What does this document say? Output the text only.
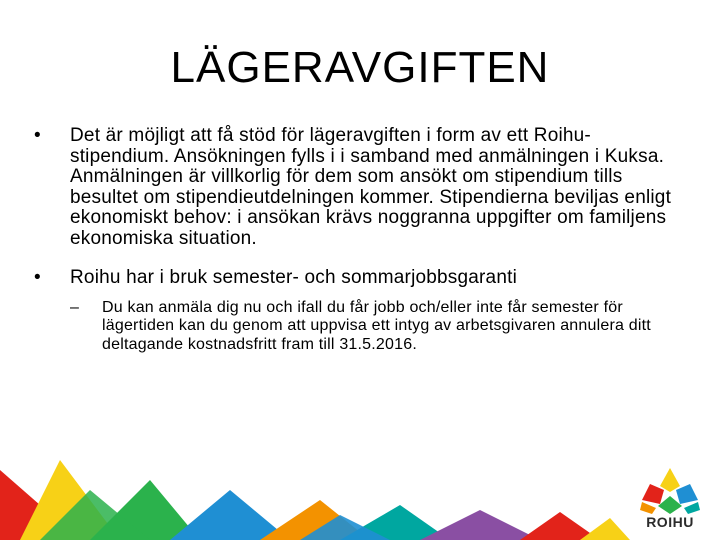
LÄGERAVGIFTEN
• Det är möjligt att få stöd för lägeravgiften i form av ett Roihu-stipendium. Ansökningen fylls i i samband med anmälningen i Kuksa. Anmälningen är villkorlig för dem som ansökt om stipendium tills besultet om stipendieutdelningen kommer. Stipendierna beviljas enligt ekonomiskt behov: i ansökan krävs noggranna uppgifter om familjens ekonomiska situation.
• Roihu har i bruk semester- och sommarjobbsgaranti
– Du kan anmäla dig nu och ifall du får jobb och/eller inte får semester för lägertiden kan du genom att uppvisa ett intyg av arbetsgivaren annulera ditt deltagande kostnadsfritt fram till 31.5.2016.
ROIHU
